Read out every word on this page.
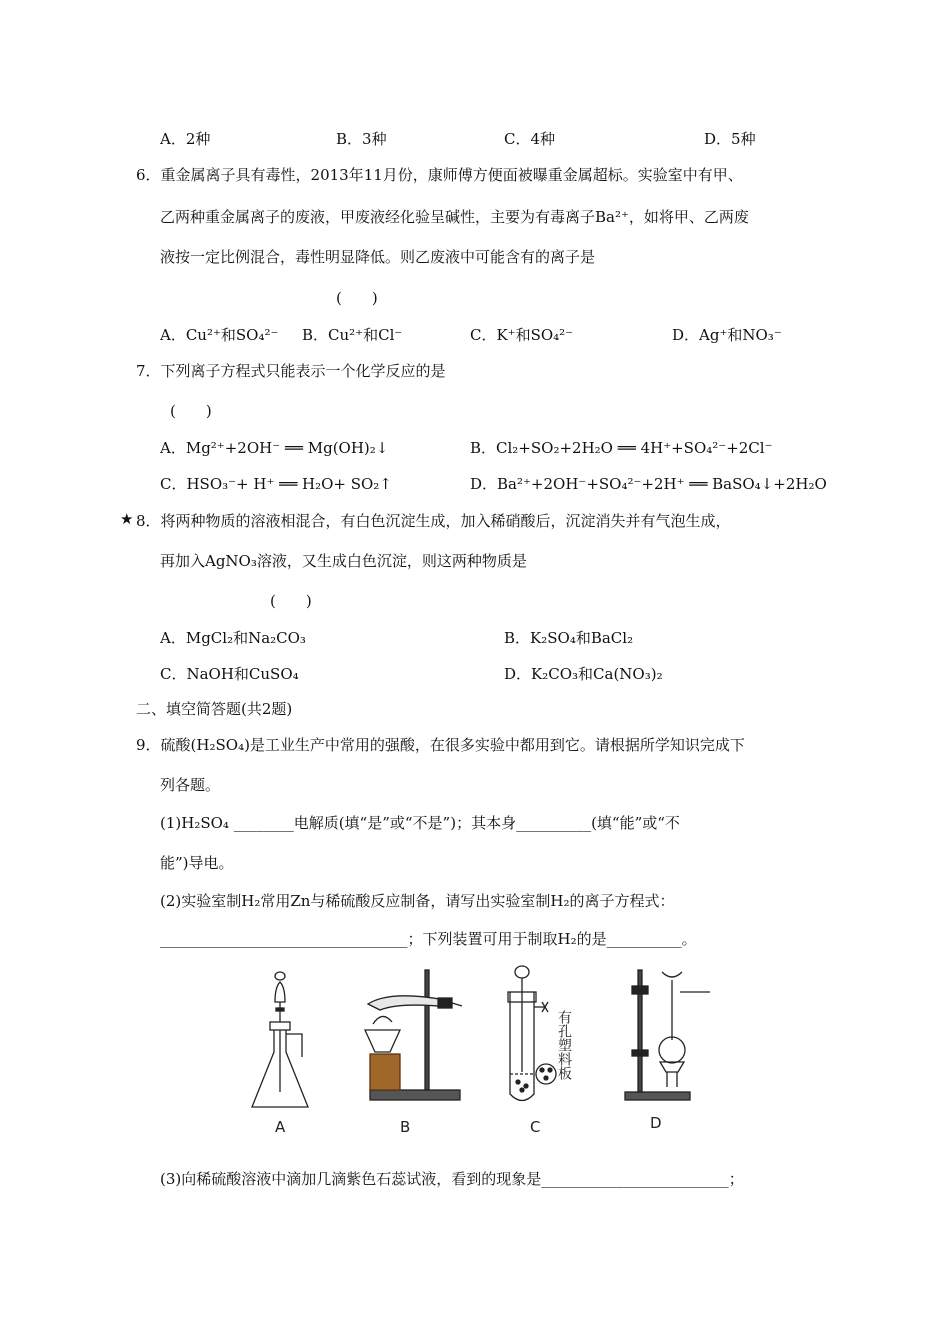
A．2种	B．3种	C．4种	D．5种
6．重金属离子具有毒性，2013年11月份，康师傅方便面被曝重金属超标。实验室中有甲、
乙两种重金属离子的废液，甲废液经化验呈碱性，主要为有毒离子Ba²⁺，如将甲、乙两废
液按一定比例混合，毒性明显降低。则乙废液中可能含有的离子是
(　　)
A．Cu²⁺和SO₄²⁻ B．Cu²⁺和Cl⁻	C．K⁺和SO₄²⁻	D．Ag⁺和NO₃⁻
7．下列离子方程式只能表示一个化学反应的是
(　　)
A．Mg²⁺+2OH⁻ ══ Mg(OH)₂↓	B．Cl₂+SO₂+2H₂O ══ 4H⁺+SO₄²⁻+2Cl⁻
C．HSO₃⁻+ H⁺ ══ H₂O+ SO₂↑	D．Ba²⁺+2OH⁻+SO₄²⁻+2H⁺ ══ BaSO₄↓+2H₂O
★ 8．将两种物质的溶液相混合，有白色沉淀生成，加入稀硝酸后，沉淀消失并有气泡生成，
再加入AgNO₃溶液，又生成白色沉淀，则这两种物质是
(　　)
A．MgCl₂和Na₂CO₃	B．K₂SO₄和BaCl₂
C．NaOH和CuSO₄	D．K₂CO₃和Ca(NO₃)₂
二、填空简答题(共2题)
9．硫酸(H₂SO₄)是工业生产中常用的强酸，在很多实验中都用到它。请根据所学知识完成下
列各题。
(1)H₂SO₄ ________电解质(填“是”或“不是”)；其本身__________(填“能”或“不
能”)导电。
(2)实验室制H₂常用Zn与稀硫酸反应制备，请写出实验室制H₂的离子方程式：
_________________________________；下列装置可用于制取H₂的是__________。
A	B
有孔塑料板
C	D
(3)向稀硫酸溶液中滴加几滴紫色石蕊试液，看到的现象是_________________________；
